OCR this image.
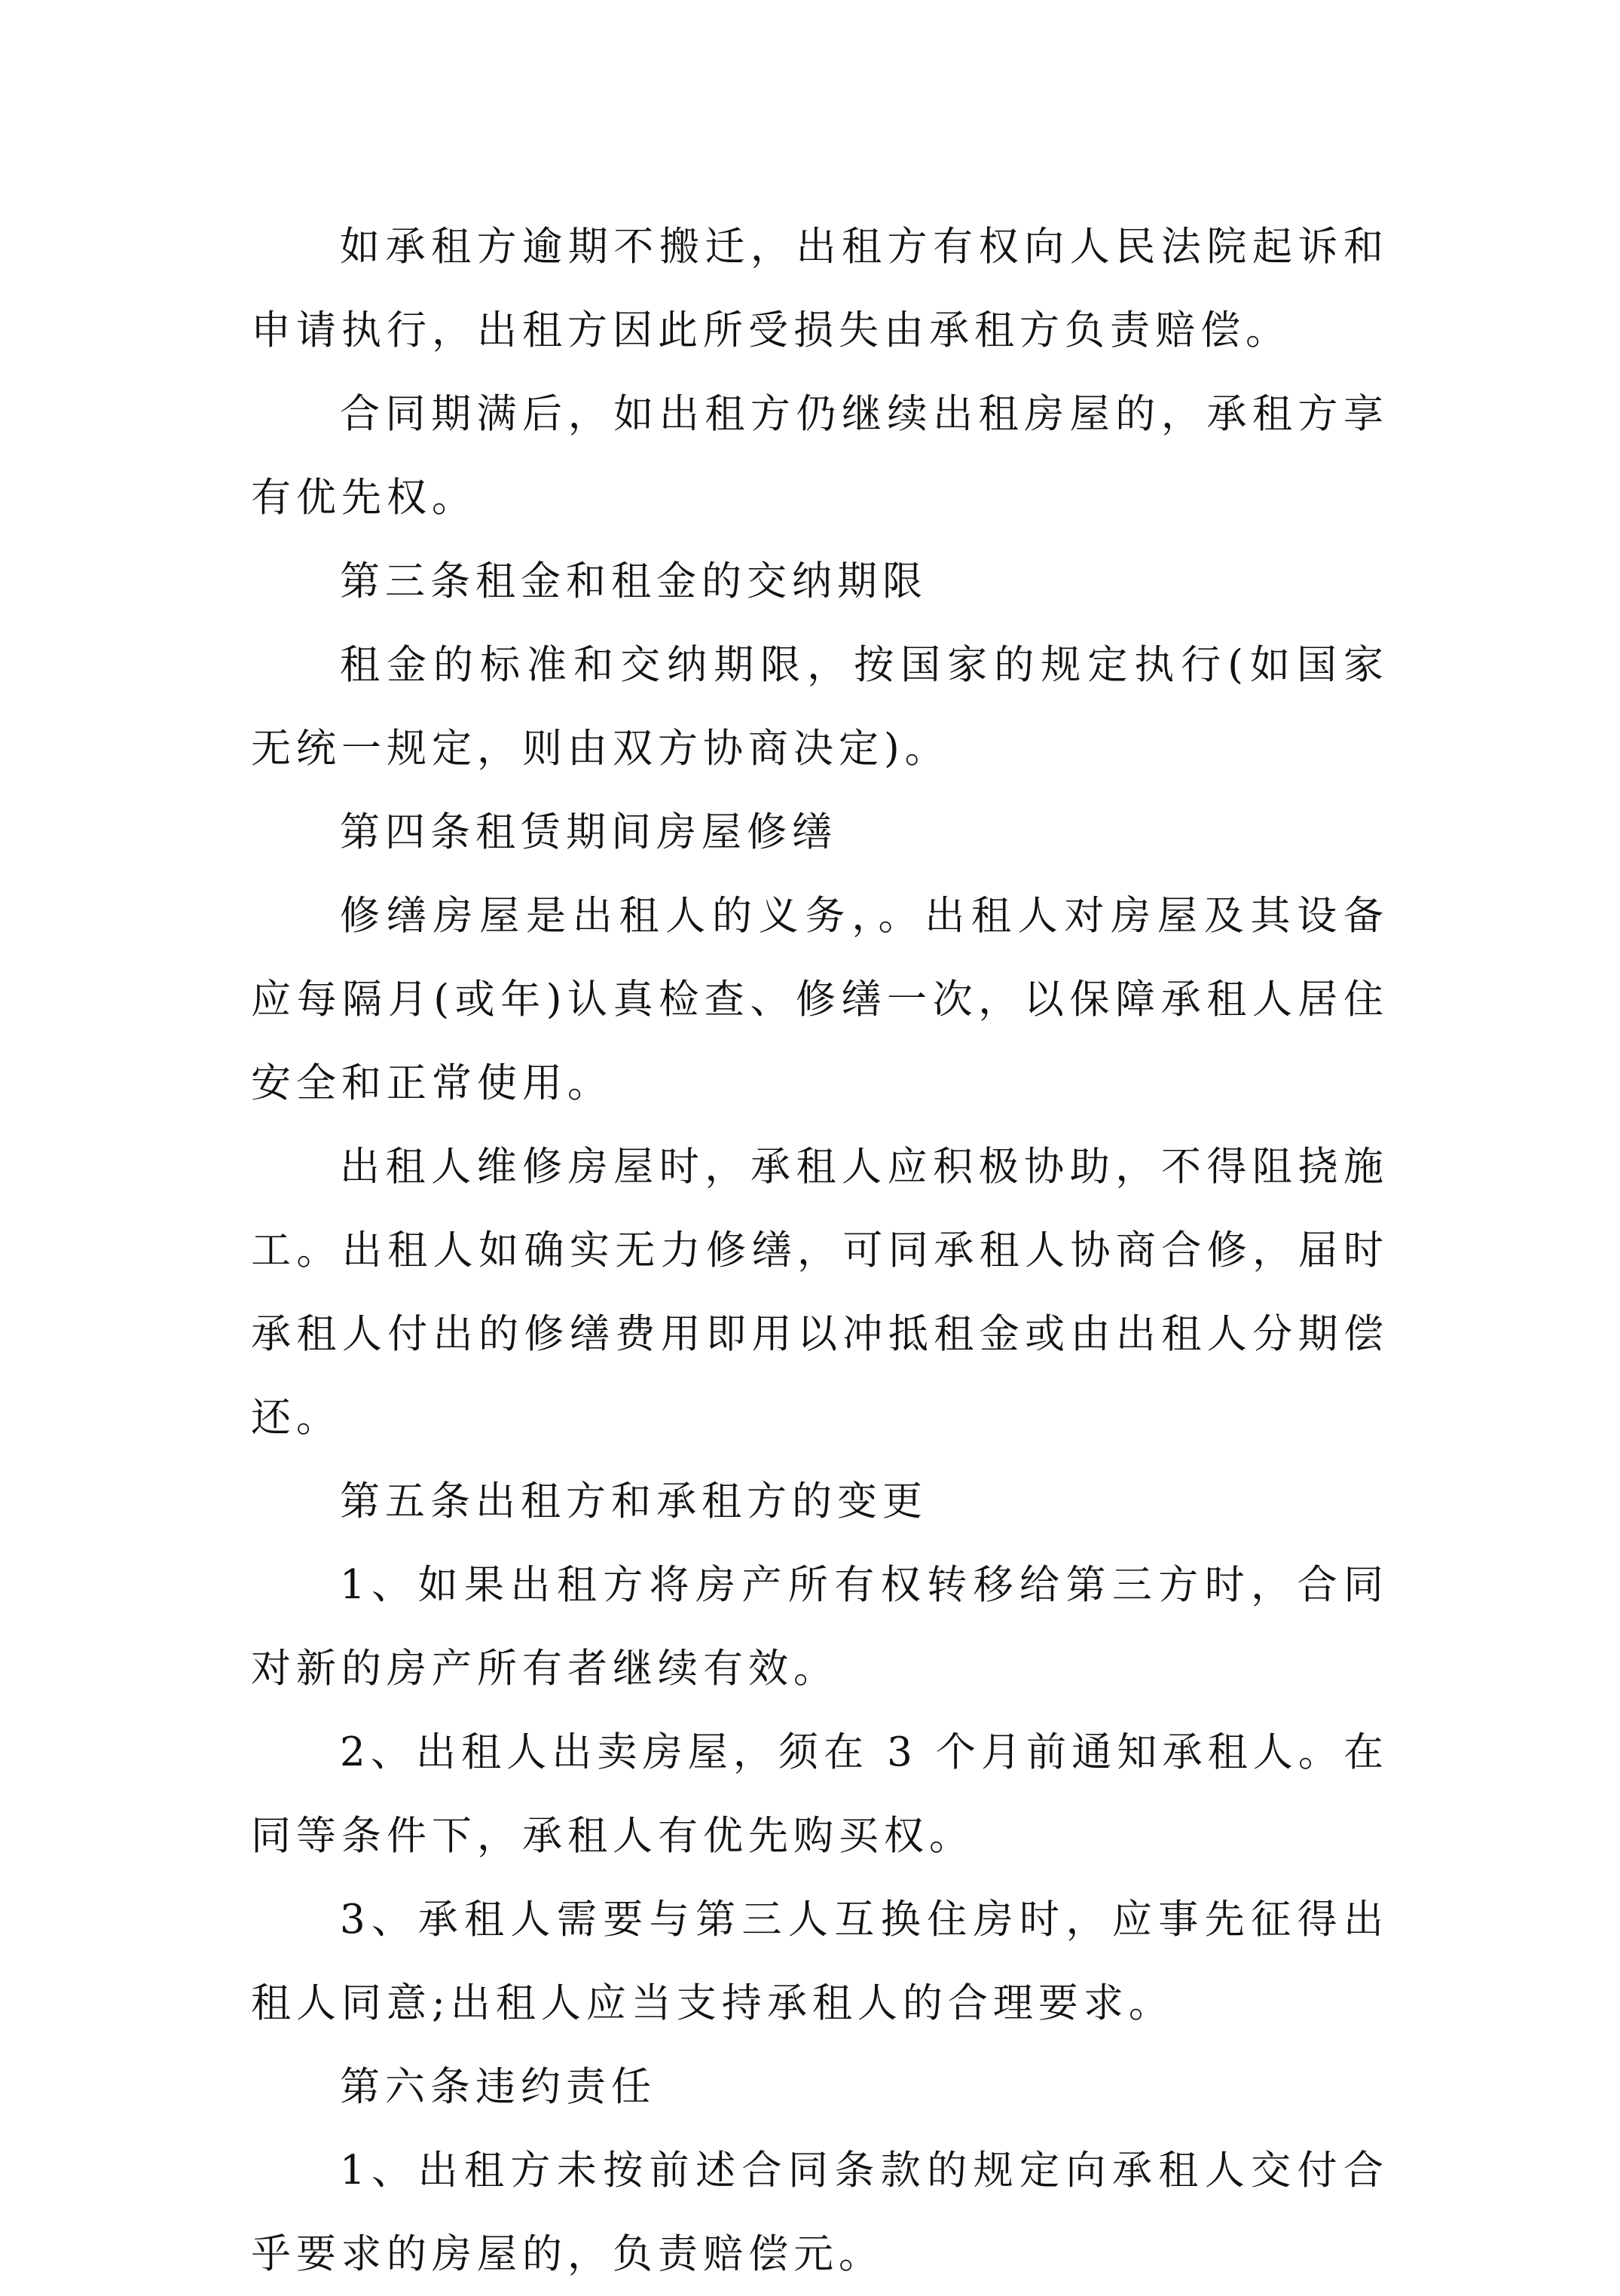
如承租方逾期不搬迁，出租方有权向人民法院起诉和申请执行，出租方因此所受损失由承租方负责赔偿。

合同期满后，如出租方仍继续出租房屋的，承租方享有优先权。

第三条租金和租金的交纳期限

租金的标准和交纳期限，按国家的规定执行(如国家无统一规定，则由双方协商决定)。

第四条租赁期间房屋修缮

修缮房屋是出租人的义务，。出租人对房屋及其设备应每隔月(或年)认真检查、修缮一次，以保障承租人居住安全和正常使用。

出租人维修房屋时，承租人应积极协助，不得阻挠施工。出租人如确实无力修缮，可同承租人协商合修，届时承租人付出的修缮费用即用以冲抵租金或由出租人分期偿还。

第五条出租方和承租方的变更

1、如果出租方将房产所有权转移给第三方时，合同对新的房产所有者继续有效。

2、出租人出卖房屋，须在 3 个月前通知承租人。在同等条件下，承租人有优先购买权。

3、承租人需要与第三人互换住房时，应事先征得出租人同意;出租人应当支持承租人的合理要求。

第六条违约责任

1、出租方未按前述合同条款的规定向承租人交付合乎要求的房屋的，负责赔偿元。
